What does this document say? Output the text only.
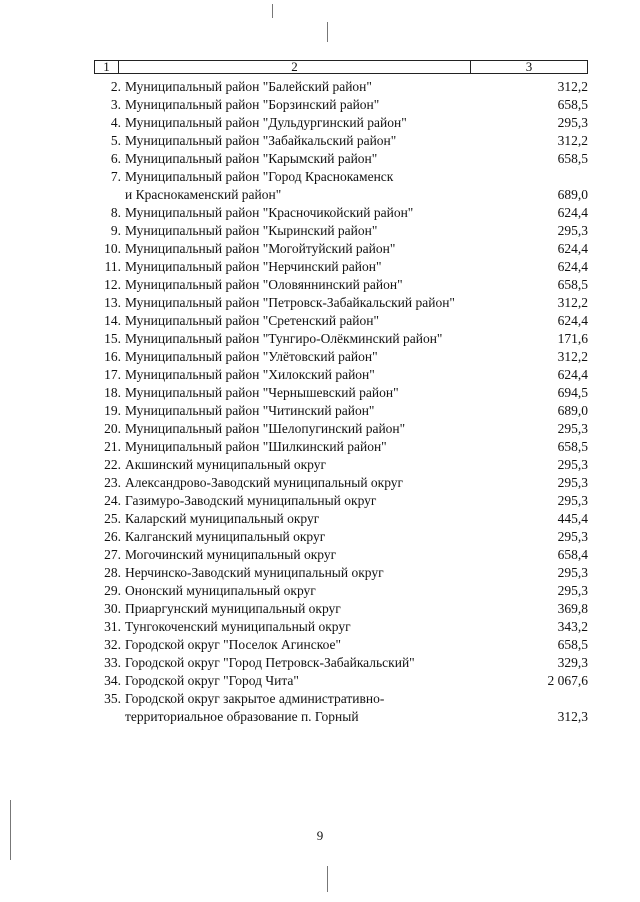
1	2	3
2. Муниципальный район "Балейский район"	312,2
3. Муниципальный район "Борзинский район"	658,5
4. Муниципальный район "Дульдургинский район"	295,3
5. Муниципальный район "Забайкальский район"	312,2
6. Муниципальный район "Карымский район"	658,5
7. Муниципальный район "Город Краснокаменск
и Краснокаменский район"	689,0
8. Муниципальный район "Красночикойский район"	624,4
9. Муниципальный район "Кыринский район"	295,3
10. Муниципальный район "Могойтуйский район"	624,4
11. Муниципальный район "Нерчинский район"	624,4
12. Муниципальный район "Оловяннинский район"	658,5
13. Муниципальный район "Петровск-Забайкальский район"	312,2
14. Муниципальный район "Сретенский район"	624,4
15. Муниципальный район "Тунгиро-Олёкминский район"	171,6
16. Муниципальный район "Улётовский район"	312,2
17. Муниципальный район "Хилокский район"	624,4
18. Муниципальный район "Чернышевский район"	694,5
19. Муниципальный район "Читинский район"	689,0
20. Муниципальный район "Шелопугинский район"	295,3
21. Муниципальный район "Шилкинский район"	658,5
22. Акшинский муниципальный округ	295,3
23. Александрово-Заводский муниципальный округ	295,3
24. Газимуро-Заводский муниципальный округ	295,3
25. Каларский муниципальный округ	445,4
26. Калганский муниципальный округ	295,3
27. Могочинский муниципальный округ	658,4
28. Нерчинско-Заводский муниципальный округ	295,3
29. Ононский муниципальный округ	295,3
30. Приаргунский муниципальный округ	369,8
31. Тунгокоченский муниципальный округ	343,2
32. Городской округ "Поселок Агинское"	658,5
33. Городской округ "Город Петровск-Забайкальский"	329,3
34. Городской округ "Город Чита"	2 067,6
35. Городской округ закрытое административно-
территориальное образование п. Горный	312,3
9
